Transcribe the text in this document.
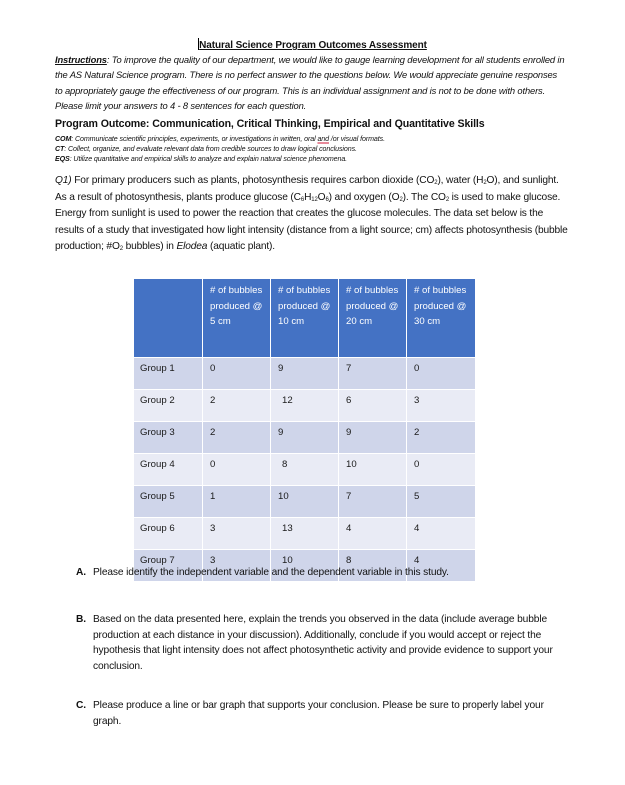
Natural Science Program Outcomes Assessment
Instructions: To improve the quality of our department, we would like to gauge learning development for all students enrolled in the AS Natural Science program. There is no perfect answer to the questions below. We would appreciate genuine responses to appropriately gauge the effectiveness of our program. This is an individual assignment and is not to be done with others. Please limit your answers to 4 - 8 sentences for each question.
Program Outcome: Communication, Critical Thinking, Empirical and Quantitative Skills
COM: Communicate scientific principles, experiments, or investigations in written, oral and /or visual formats.
CT: Collect, organize, and evaluate relevant data from credible sources to draw logical conclusions.
EQS: Utilize quantitative and empirical skills to analyze and explain natural science phenomena.
Q1) For primary producers such as plants, photosynthesis requires carbon dioxide $(CO_2)$, water $(H_2O)$, and sunlight. As a result of photosynthesis, plants produce glucose $(C_6H_{12}O_6)$ and oxygen $(O_2)$. The $CO_2$ is used to make glucose. Energy from sunlight is used to power the reaction that creates the glucose molecules. The data set below is the results of a study that investigated how light intensity (distance from a light source; cm) affects photosynthesis (bubble production; $\#O_2$ bubbles) in Elodea (aquatic plant).
	# of bubbles produced @ 5 cm	# of bubbles produced @ 10 cm	# of bubbles produced @ 20 cm	# of bubbles produced @ 30 cm
Group 1	0	9	7	0
Group 2	2	12	6	3
Group 3	2	9	9	2
Group 4	0	8	10	0
Group 5	1	10	7	5
Group 6	3	13	4	4
Group 7	3	10	8	4
A. Please identify the independent variable and the dependent variable in this study.
B. Based on the data presented here, explain the trends you observed in the data (include average bubble production at each distance in your discussion). Additionally, conclude if you would accept or reject the hypothesis that light intensity does not affect photosynthetic activity and provide evidence to support your conclusion.
C. Please produce a line or bar graph that supports your conclusion. Please be sure to properly label your graph.
